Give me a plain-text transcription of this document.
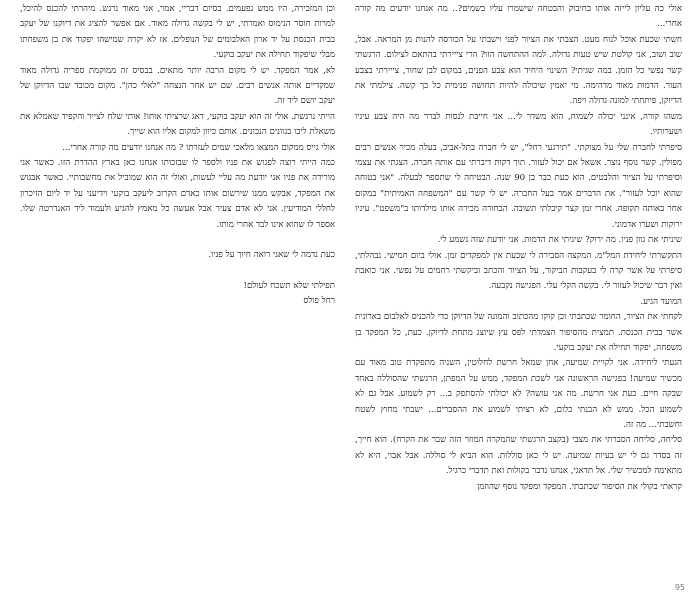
אולי כה עליון לייזה אותו בחיבוק והבטחה שישמרו עליו בשמים?.. מה אנחנו יודעים מה קורה אחרי...

חשתי שכעת אוכל לנוח מעט. הצבתי את הציור לפני וישבתי על הכורסה להנות מן המראה. אבל, שוב ושוב, אני קולטת שיש טעות גדולה. למה ההתחשה הזו? הרי צייירתי בהתאם לצילום. הרגשתי קשר נפשי כל הזמן. במה שגיתי? השינוי היחיד הוא צבע הפנים, במקום לבן שחור, צייירתי בצבע העור. הדמות מאוד מדהימה. מי יאמין שיכולה להיות תחושה פנימית כל כך קשה. צילמתי את הדיוקן, פיתחתי למונה גדולה ויפה.

משהו קורה, אינני יכולה לשמוח, הוא משדר לי... אני חייבת לנסות לברר מה היה צבע עיניו ושערותיו.

סיפרתי לחברה שלי על מצוקתי. "תירגעי רחל", יש לי חברה בתל-אביב, בעלה מכיר אנשים רבים מפולין. קשר נוסף נוצר. אשאל אם יכול לעזור. תוך דקות דיברתי עם אותה חברה. הצגתי את עצמי וסיפרתי על הציור והלבטים. הוא כעת כבר בן 90 שנה. הבטיחה לי שתספר לבעלה. "אני בטוחה שהוא יוכל לעזור". את הדברים אמר בעל החברה. יש לי קשר עם "המשפחה האמיתית" במקום אחר באותה תקופה. אחרי זמן קצר קיבלתי תשובה. הבחורה מכירה אותו מילדותו ב"משפט". עיניו ירוקות ושערו אדמוני.

שיניתי את גוון פניו. מה ירוק? שיניתי את הדמות. אני יודעת שזה נשמע לי.

התקשרתי ליחידת המל"מ. המקצה הסבירה לי שכעת אין למפקדים זמן. אולי ביום חמישי. נבהלתי, סיפרתי על אשר קרה לי בעקבות הביקור, על הציור והכתב וביקשתי רחמים על נפשי. אני כואבת ואין דבר שיכול לעזור לי. בקשה הקלי עלי. הפגישה נקבעה.

המועד הגיע.

לקחתי את הציור, החומר שכתבתי וכן קוקו מהכתוב והמונה של הדיוקן כדי להכניס לאלבום בארונית אשר בבית הכנסת. תמצית מהסיפור הצמדתי לפס עץ שיוצג מתחת לדיוקן. כעת, כל המפקד בן משפחה, יפקוד תחילה את יעקב בוקעי.

הגעתי ליחידה. אני לקויית שמיעה, אחן שמאל חרשת לחלוטין, השניה מתפקדת טוב מאוד עם מכשיר שמיעה! בפגישה הראשונה אני לשכת המפקד, ממש על המפתן, הרגשתי שהסוללה באחד שבקה חיים. כעת אני חרשת. מה אני עושה? לא יכולתי להסתפק ב... רק לשמוע. אבל גם לא לשמוע הכל. ממש לא הבנתי כלום, לא רציתי לשמוע את ההסברים... ישבתי מחוץ לשטח וחשבתי... מה זה.

סליחה, סליחה הסברתי את מצבי (בקצב הרגשתי שהמקרה המוזר הזה שבר את הקרח). הוא חייך, זה בסדר גם לי יש בעיות שמיעה. יש לי כאן סוללות. הוא הביא לי סוללה. אבל אבוי, היא לא מתאימה למכשיר שלי. אל תדאגי, אנחנו נדבר בקולות ואת תדברי כרגיל.

קראתי בקולי את הסיפור שכתבתי. המפקד ומפקד נוסף שהוזמן

וכן המזכירה, היו ממש נפעמים. בסיום דבריי, אמר, אני מאוד נרגש. מיהרתי להכנס להיכל, למרות חוסר הנימוס ואמרתי, יש לי בקשה גדולה מאוד. אם אפשר להציג את דיוקנו של יעקב בבית הכנסת על יד ארון האלבומים של הנופלים. אז לא יקרה שמישהו יפקוד את בן משפחתו מבלי שיפקוד תחילה את יעקב בוקעי.

לא, אמר המפקד. יש לי מקום הרבה יותר מתאים. בבסיס זה ממוקמת ספריה גדולה מאוד שמקדיים אותה אנשים רבים. שם יש אחר הנצחה "לאלי כהן". מקום מכובד שבו הדיוקן של יעקב יושם ליד זה.

הייתי נרגשת. אולי זה הוא יעקב בוקעי, דאג שרציתי אותו! אותי שלח לצייר והקפיד שאמלא את משאלת ליבו בגוונים הנכונים. אותם כיוון למקום אליו הוא שייך.

אולי גייס ממקום המצאו מלאכי שמים לעזרתו ? מה אנחנו יודעים מה קורה אחרי...

כמה הייתי רוצה לפגוש את פניו ולספר לו שבזכותו אנחנו כאן בארץ ההדרת הזו. כאשר אני מורידה את פניו אני יודעת מה עליי לעשות, ואולי זה הוא שמוביל את מחשבותיי. כאשר אבגוש את המפקד, אבקש ממנו שירשום אותו כאדם הקרוב ליעקב בוקעי וידיעני על יד ליום הזיכרון לחללי המודיעין. אני לא אדם צעיר אבל אעשה כל מאמץ להגיע ולעמוד ליד האנדרטה שלו. אספר לו שהוא אינו לבד אחרי מותו.

כעת נדמה לי שאני רואה חיוך על פניו.

תפילתי שלא תשכח לעולם!
רחל פולס

95
